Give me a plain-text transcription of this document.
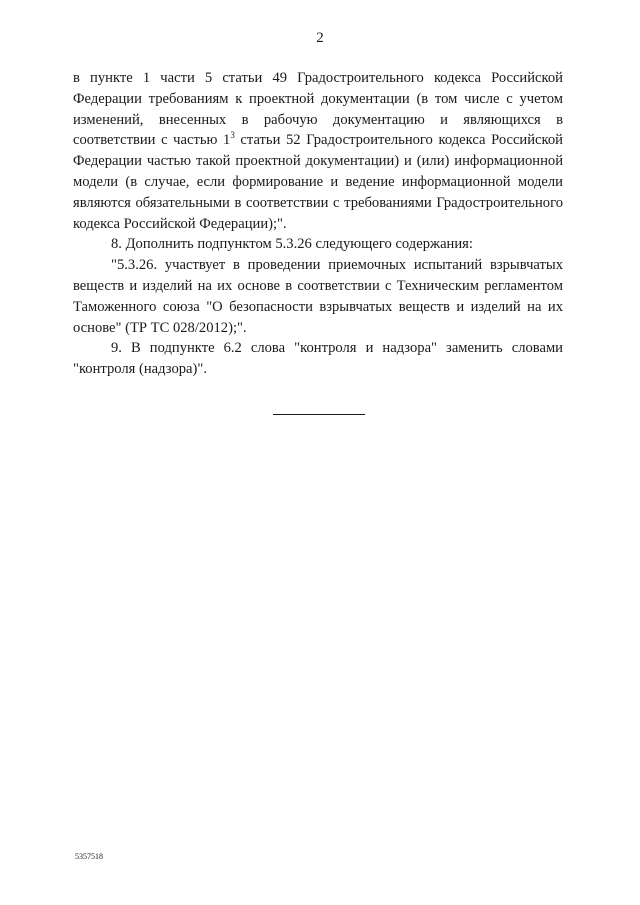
2

в пункте 1 части 5 статьи 49 Градостроительного кодекса Российской Федерации требованиям к проектной документации (в том числе с учетом изменений, внесенных в рабочую документацию и являющихся в соответствии с частью $1^3$ статьи 52 Градостроительного кодекса Российской Федерации частью такой проектной документации) и (или) информационной модели (в случае, если формирование и ведение информационной модели являются обязательными в соответствии с требованиями Градостроительного кодекса Российской Федерации);".

8. Дополнить подпунктом 5.3.26 следующего содержания:

"5.3.26. участвует в проведении приемочных испытаний взрывчатых веществ и изделий на их основе в соответствии с Техническим регламентом Таможенного союза "О безопасности взрывчатых веществ и изделий на их основе" (ТР ТС 028/2012);".

9. В подпункте 6.2 слова "контроля и надзора" заменить словами "контроля (надзора)".

5357518
